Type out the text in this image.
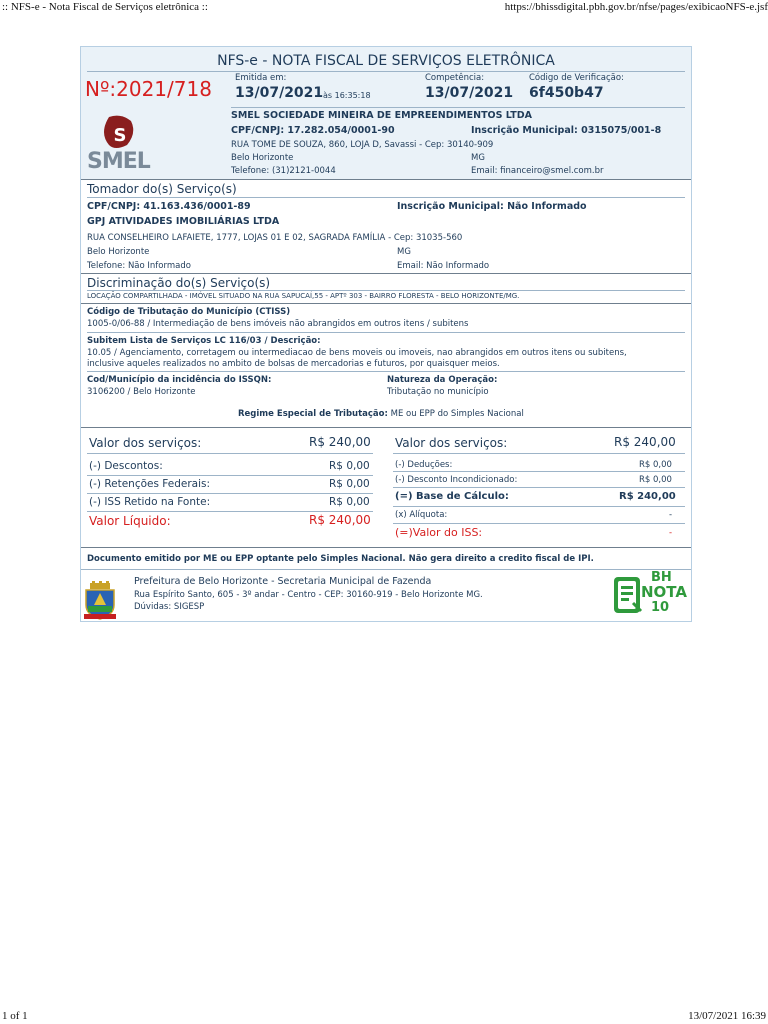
:: NFS-e - Nota Fiscal de Serviços eletrônica ::	https://bhissdigital.pbh.gov.br/nfse/pages/exibicaoNFS-e.jsf
NFS-e - NOTA FISCAL DE SERVIÇOS ELETRÔNICA
Nº:2021/718	Emitida em:
13/07/2021 às 16:35:18
Competência:
13/07/2021
Código de Verificação:
6f450b47
S
SMEL
SMEL SOCIEDADE MINEIRA DE EMPREENDIMENTOS LTDA
CPF/CNPJ: 17.282.054/0001-90	Inscrição Municipal: 0315075/001-8
RUA TOME DE SOUZA, 860, LOJA D, Savassi - Cep: 30140-909
Belo Horizonte	MG
Telefone: (31)2121-0044	Email: financeiro@smel.com.br
Tomador do(s) Serviço(s)
CPF/CNPJ: 41.163.436/0001-89	Inscrição Municipal: Não Informado
GPJ ATIVIDADES IMOBILIÁRIAS LTDA
RUA CONSELHEIRO LAFAIETE, 1777, LOJAS 01 E 02, SAGRADA FAMÍLIA - Cep: 31035-560
Belo Horizonte	MG
Telefone: Não Informado	Email: Não Informado
Discriminação do(s) Serviço(s)
LOCAÇÃO COMPARTILHADA - IMÓVEL SITUADO NA RUA SAPUCAÍ,55 - APTº 303 - BAIRRO FLORESTA - BELO HORIZONTE/MG.
Código de Tributação do Município (CTISS)
1005-0/06-88 / Intermediação de bens imóveis não abrangidos em outros itens / subitens
Subitem Lista de Serviços LC 116/03 / Descrição:
10.05 / Agenciamento, corretagem ou intermediacao de bens moveis ou imoveis, nao abrangidos em outros itens ou subitens,
inclusive aqueles realizados no ambito de bolsas de mercadorias e futuros, por quaisquer meios.
Cod/Município da incidência do ISSQN:
3106200 / Belo Horizonte
Natureza da Operação:
Tributação no município
Regime Especial de Tributação: ME ou EPP do Simples Nacional
Valor dos serviços:	R$ 240,00
(-) Descontos:	R$ 0,00
(-) Retenções Federais:	R$ 0,00
(-) ISS Retido na Fonte:	R$ 0,00
Valor Líquido:	R$ 240,00
Valor dos serviços:	R$ 240,00
(-) Deduções:	R$ 0,00
(-) Desconto Incondicionado:	R$ 0,00
(=) Base de Cálculo:	R$ 240,00
(x) Alíquota:	-
(=)Valor do ISS:	-
Documento emitido por ME ou EPP optante pelo Simples Nacional. Não gera direito a credito fiscal de IPI.
Prefeitura de Belo Horizonte - Secretaria Municipal de Fazenda
Rua Espírito Santo, 605 - 3º andar - Centro - CEP: 30160-919 - Belo Horizonte MG.
Dúvidas: SIGESP
BH
NOTA
10
1 of 1	13/07/2021 16:39
